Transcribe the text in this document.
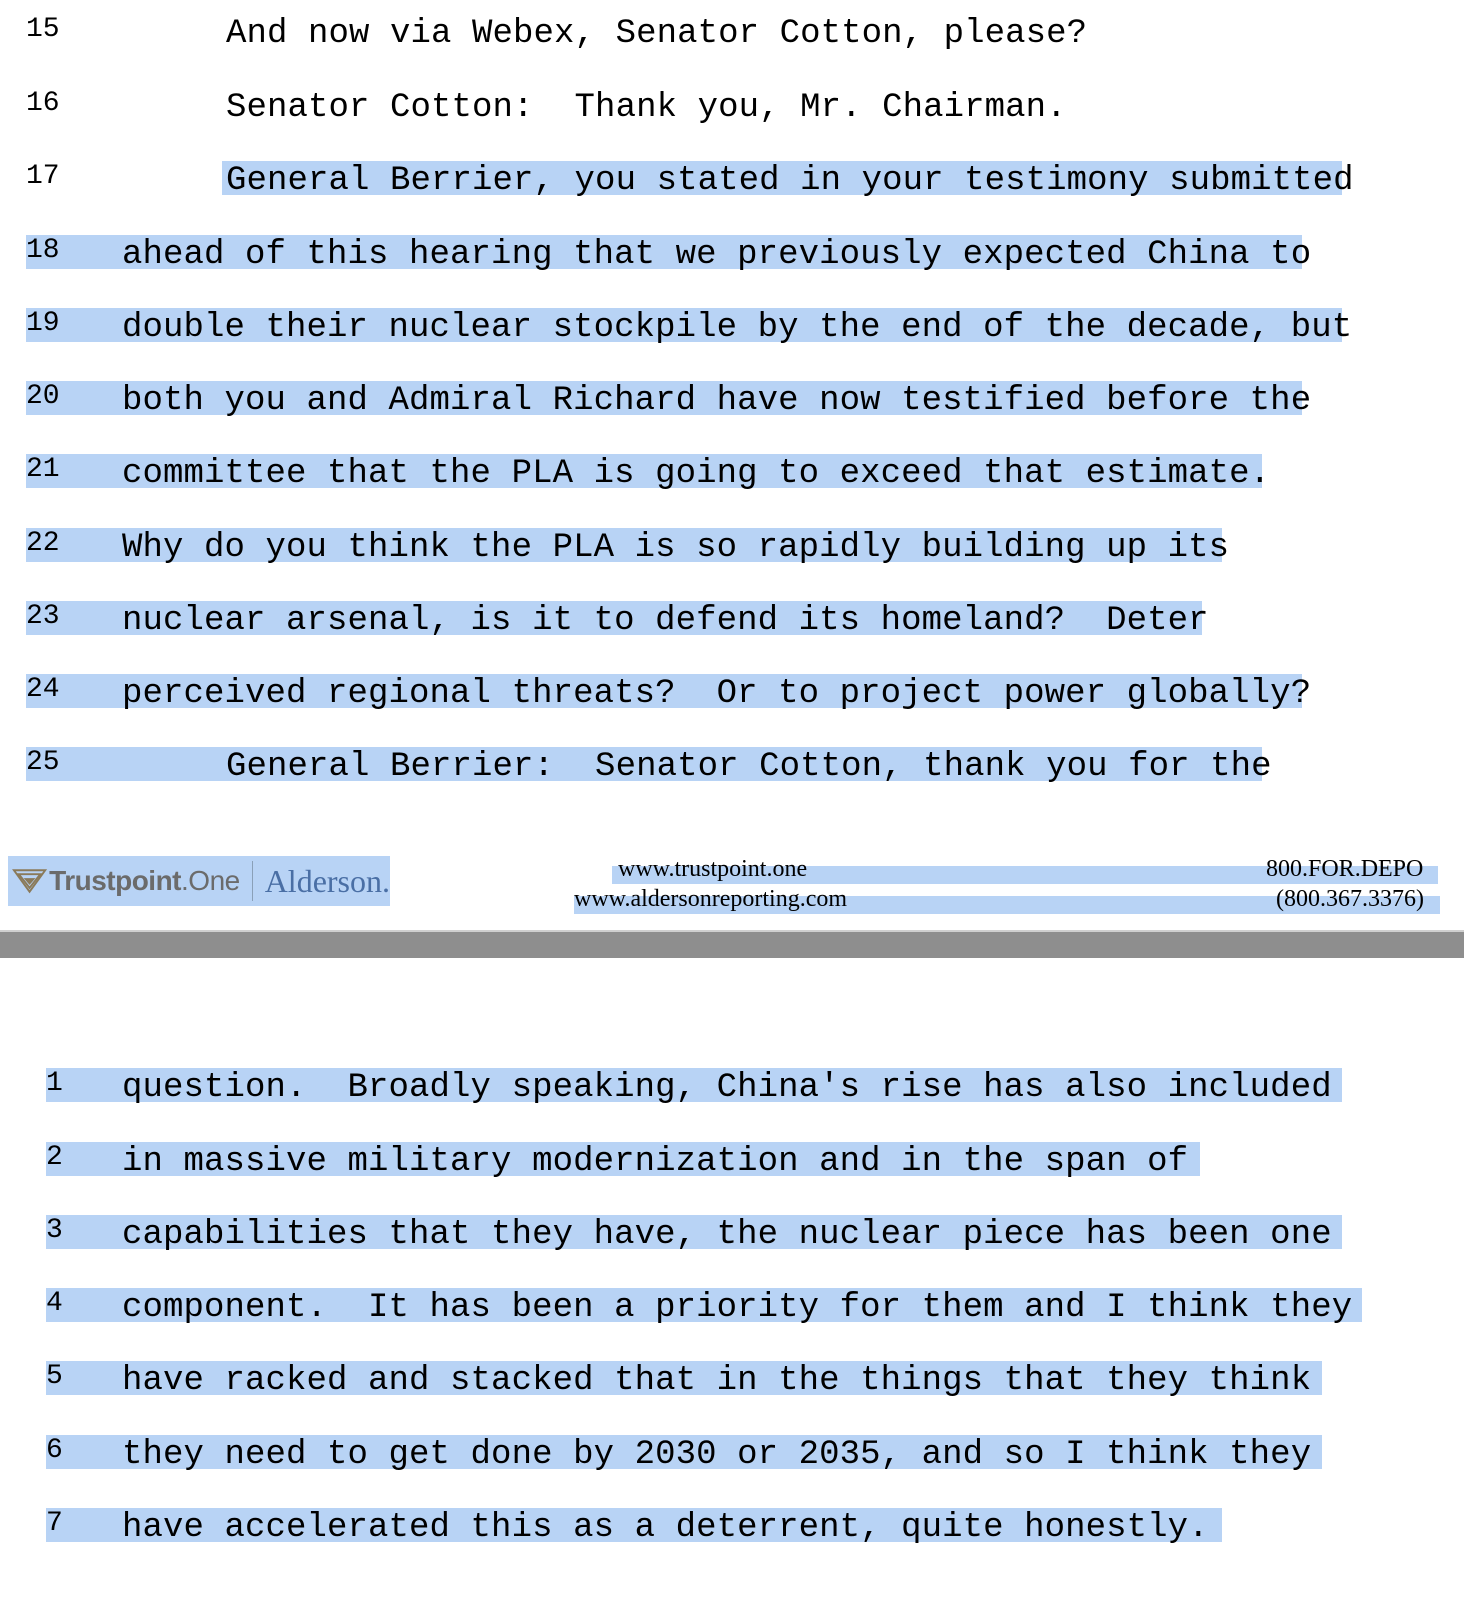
15	And now via Webex, Senator Cotton, please?
16	Senator Cotton:  Thank you, Mr. Chairman.
17	General Berrier, you stated in your testimony submitted
18 ahead of this hearing that we previously expected China to
19 double their nuclear stockpile by the end of the decade, but
20 both you and Admiral Richard have now testified before the
21 committee that the PLA is going to exceed that estimate.
22 Why do you think the PLA is so rapidly building up its
23 nuclear arsenal, is it to defend its homeland?  Deter
24 perceived regional threats?  Or to project power globally?
25	General Berrier:  Senator Cotton, thank you for the
Trustpoint.One Alderson.	www.trustpoint.one
www.aldersonreporting.com
800.FOR.DEPO
(800.367.3376)
1 question.  Broadly speaking, China's rise has also included
2 in massive military modernization and in the span of
3 capabilities that they have, the nuclear piece has been one
4 component.  It has been a priority for them and I think they
5 have racked and stacked that in the things that they think
6 they need to get done by 2030 or 2035, and so I think they
7 have accelerated this as a deterrent, quite honestly.
